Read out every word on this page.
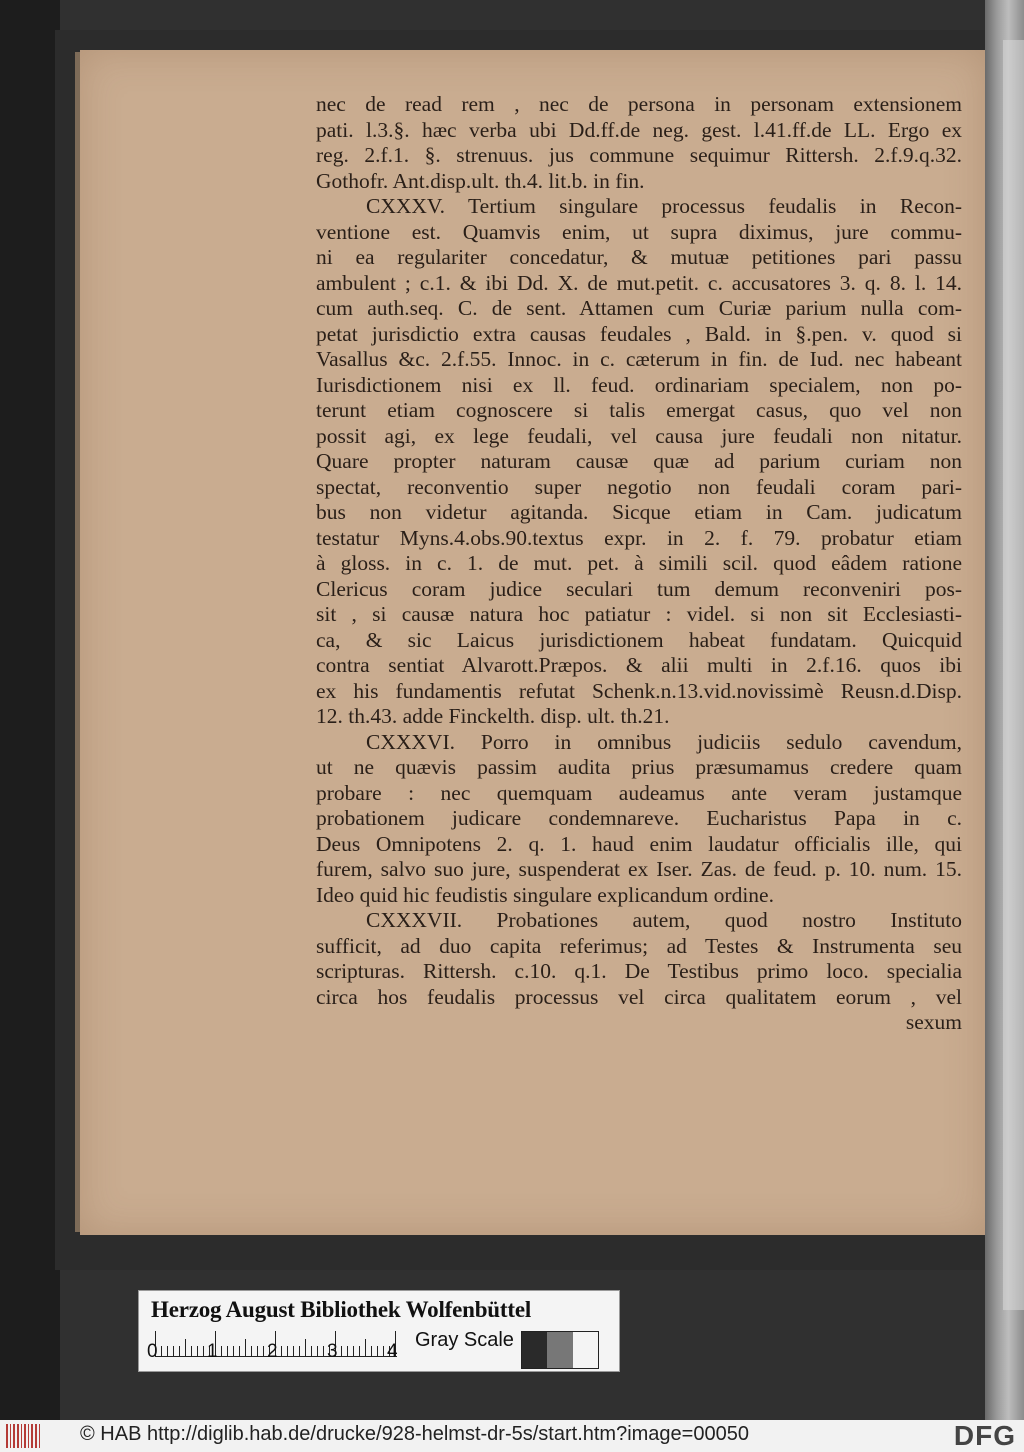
nec de read rem , nec de persona in personam extensionem
pati. l.3.§. hæc verba ubi Dd.ff.de neg. gest. l.41.ff.de LL. Ergo ex
reg. 2.f.1. §. strenuus. jus commune sequimur Rittersh. 2.f.9.q.32.
Gothofr. Ant.disp.ult. th.4. lit.b. in fin.
CXXXV. Tertium singulare processus feudalis in Recon-
ventione est. Quamvis enim, ut supra diximus, jure commu-
ni ea regulariter concedatur, & mutuæ petitiones pari passu
ambulent ; c.1. & ibi Dd. X. de mut.petit. c. accusatores 3. q. 8. l. 14.
cum auth.seq. C. de sent. Attamen cum Curiæ parium nulla com-
petat jurisdictio extra causas feudales , Bald. in §.pen. v. quod si
Vasallus &c. 2.f.55. Innoc. in c. cæterum in fin. de Iud. nec habeant
Iurisdictionem nisi ex ll. feud. ordinariam specialem, non po-
terunt etiam cognoscere si talis emergat casus, quo vel non
possit agi, ex lege feudali, vel causa jure feudali non nitatur.
Quare propter naturam causæ quæ ad parium curiam non
spectat, reconventio super negotio non feudali coram pari-
bus non videtur agitanda. Sicque etiam in Cam. judicatum
testatur Myns.4.obs.90.textus expr. in 2. f. 79. probatur etiam
à gloss. in c. 1. de mut. pet. à simili scil. quod eâdem ratione
Clericus coram judice seculari tum demum reconveniri pos-
sit , si causæ natura hoc patiatur : videl. si non sit Ecclesiasti-
ca, & sic Laicus jurisdictionem habeat fundatam. Quicquid
contra sentiat Alvarott.Præpos. & alii multi in 2.f.16. quos ibi
ex his fundamentis refutat Schenk.n.13.vid.novissimè Reusn.d.Disp.
12. th.43. adde Finckelth. disp. ult. th.21.
CXXXVI. Porro in omnibus judiciis sedulo cavendum,
ut ne quævis passim audita prius præsumamus credere quam
probare : nec quemquam audeamus ante veram justamque
probationem judicare condemnareve. Eucharistus Papa in c.
Deus Omnipotens 2. q. 1. haud enim laudatur officialis ille, qui
furem, salvo suo jure, suspenderat ex Iser. Zas. de feud. p. 10. num. 15.
Ideo quid hic feudistis singulare explicandum ordine.
CXXXVII. Probationes autem, quod nostro Instituto
sufficit, ad duo capita referimus; ad Testes & Instrumenta seu
scripturas. Rittersh. c.10. q.1. De Testibus primo loco. specialia
circa hos feudalis processus vel circa qualitatem eorum , vel
sexum
Herzog August Bibliothek Wolfenbüttel
0	1	2	3	4
Gray Scale
© HAB http://diglib.hab.de/drucke/928-helmst-dr-5s/start.htm?image=00050	DFG
